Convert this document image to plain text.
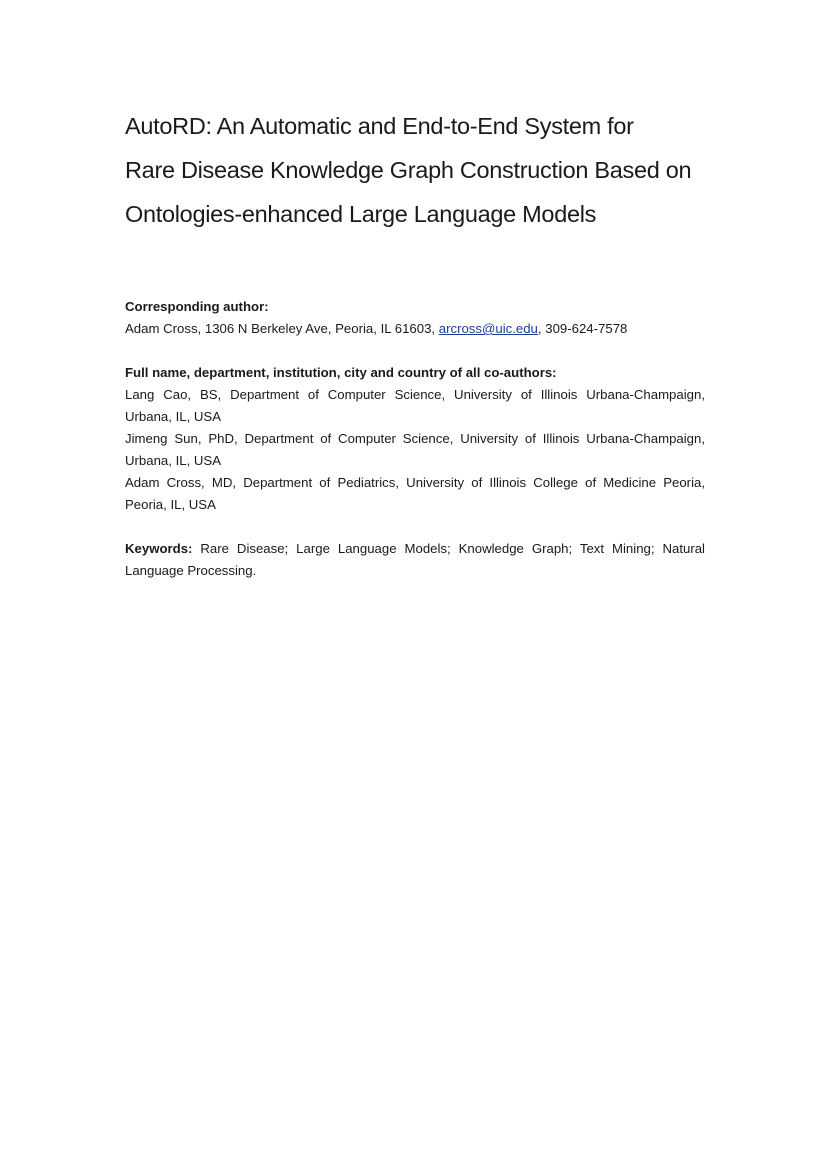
AutoRD: An Automatic and End-to-End System for
Rare Disease Knowledge Graph Construction Based on
Ontologies-enhanced Large Language Models
Corresponding author:
Adam Cross, 1306 N Berkeley Ave, Peoria, IL 61603, arcross@uic.edu, 309-624-7578
Full name, department, institution, city and country of all co-authors:
Lang Cao, BS, Department of Computer Science, University of Illinois Urbana-Champaign,
Urbana, IL, USA
Jimeng Sun, PhD, Department of Computer Science, University of Illinois Urbana-Champaign,
Urbana, IL, USA
Adam Cross, MD, Department of Pediatrics, University of Illinois College of Medicine Peoria,
Peoria, IL, USA
Keywords: Rare Disease; Large Language Models; Knowledge Graph; Text Mining; Natural
Language Processing.
